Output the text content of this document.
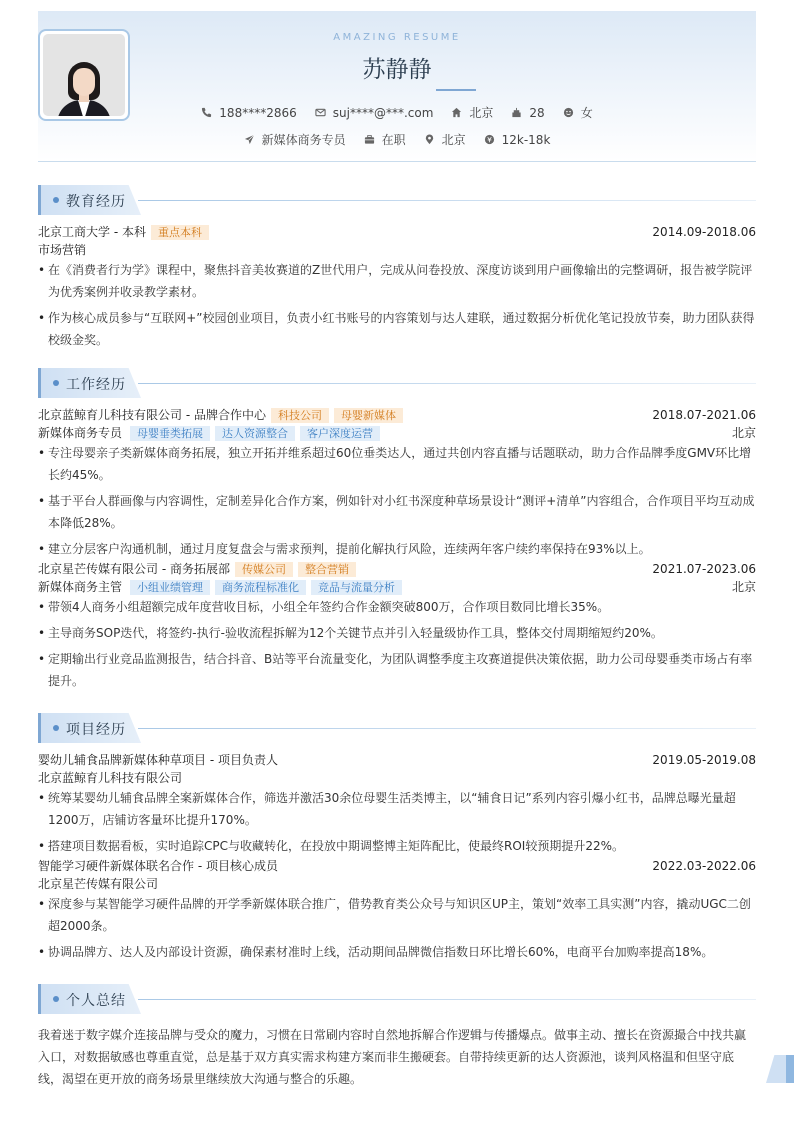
AMAZING RESUME
苏静静
188****2866	suj****@***.com	北京	28	女
新媒体商务专员	在职	北京	12k-18k
教育经历
北京工商大学 - 本科	重点本科	2014.09-2018.06
市场营销
• 在《消费者行为学》课程中，聚焦抖音美妆赛道的Z世代用户，完成从问卷投放、深度访谈到用户画像输出的完整调研，报告被学院评为优秀案例并收录教学素材。
• 作为核心成员参与“互联网+”校园创业项目，负责小红书账号的内容策划与达人建联，通过数据分析优化笔记投放节奏，助力团队获得校级金奖。
工作经历
北京蓝鲸育儿科技有限公司 - 品牌合作中心	科技公司	母婴新媒体	2018.07-2021.06
新媒体商务专员	母婴垂类拓展	达人资源整合	客户深度运营	北京
• 专注母婴亲子类新媒体商务拓展，独立开拓并维系超过60位垂类达人，通过共创内容直播与话题联动，助力合作品牌季度GMV环比增长约45%。
• 基于平台人群画像与内容调性，定制差异化合作方案，例如针对小红书深度种草场景设计“测评+清单”内容组合，合作项目平均互动成本降低28%。
• 建立分层客户沟通机制，通过月度复盘会与需求预判，提前化解执行风险，连续两年客户续约率保持在93%以上。
北京星芒传媒有限公司 - 商务拓展部	传媒公司	整合营销	2021.07-2023.06
新媒体商务主管	小组业绩管理	商务流程标准化	竞品与流量分析	北京
• 带领4人商务小组超额完成年度营收目标，小组全年签约合作金额突破800万，合作项目数同比增长35%。
• 主导商务SOP迭代，将签约-执行-验收流程拆解为12个关键节点并引入轻量级协作工具，整体交付周期缩短约20%。
• 定期输出行业竞品监测报告，结合抖音、B站等平台流量变化，为团队调整季度主攻赛道提供决策依据，助力公司母婴垂类市场占有率提升。
项目经历
婴幼儿辅食品牌新媒体种草项目 - 项目负责人	2019.05-2019.08
北京蓝鲸育儿科技有限公司
• 统筹某婴幼儿辅食品牌全案新媒体合作，筛选并激活30余位母婴生活类博主，以“辅食日记”系列内容引爆小红书，品牌总曝光量超1200万，店铺访客量环比提升170%。
• 搭建项目数据看板，实时追踪CPC与收藏转化，在投放中期调整博主矩阵配比，使最终ROI较预期提升22%。
智能学习硬件新媒体联名合作 - 项目核心成员	2022.03-2022.06
北京星芒传媒有限公司
• 深度参与某智能学习硬件品牌的开学季新媒体联合推广，借势教育类公众号与知识区UP主，策划“效率工具实测”内容，撬动UGC二创超2000条。
• 协调品牌方、达人及内部设计资源，确保素材准时上线，活动期间品牌微信指数日环比增长60%，电商平台加购率提高18%。
个人总结
我着迷于数字媒介连接品牌与受众的魔力，习惯在日常刷内容时自然地拆解合作逻辑与传播爆点。做事主动、擅长在资源撮合中找共赢入口，对数据敏感也尊重直觉，总是基于双方真实需求构建方案而非生搬硬套。自带持续更新的达人资源池，谈判风格温和但坚守底线，渴望在更开放的商务场景里继续放大沟通与整合的乐趣。
